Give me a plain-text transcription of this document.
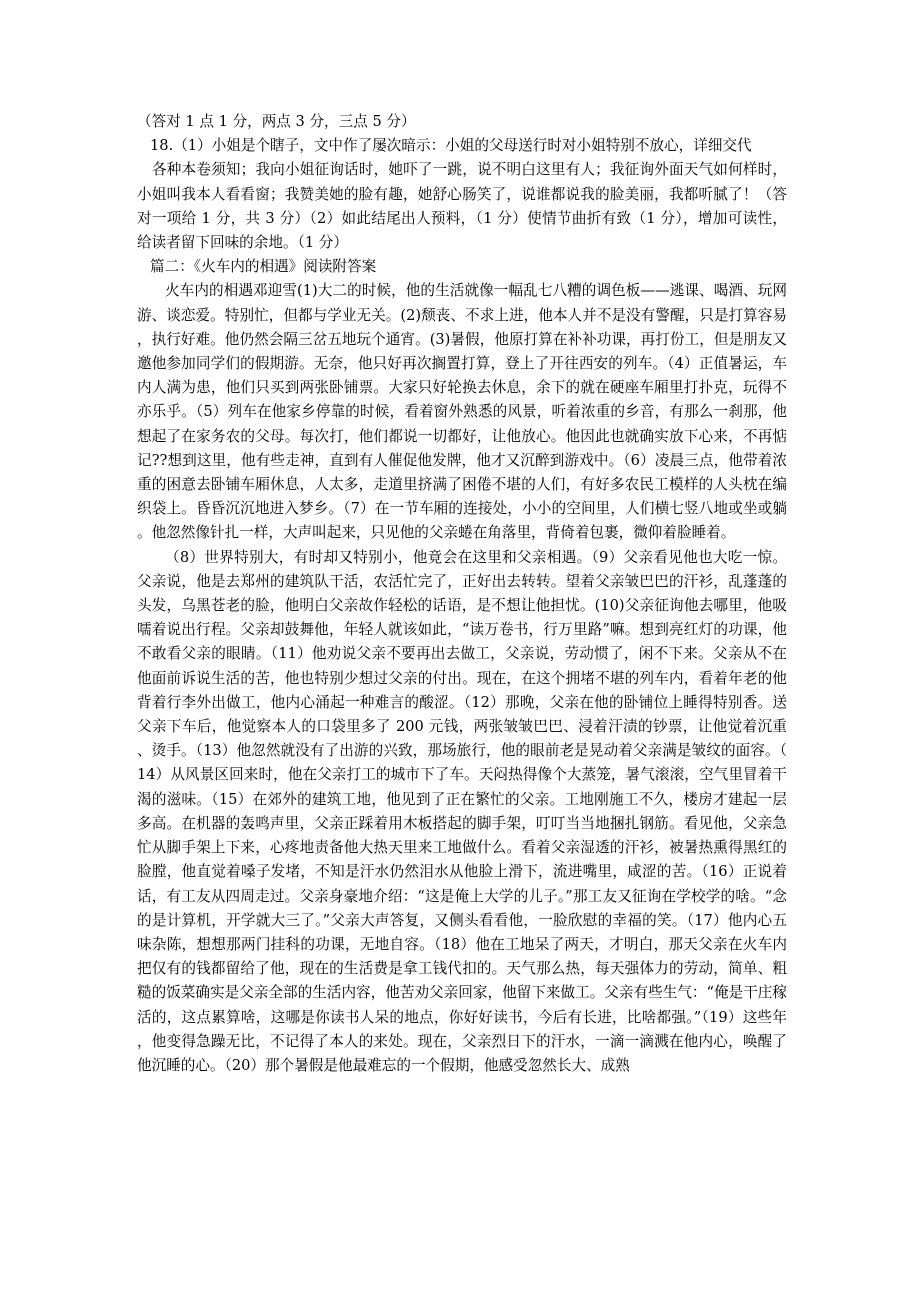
（答对 1 点 1 分，两点 3 分，三点 5 分）

18.（1）小姐是个瞎子，文中作了屡次暗示：小姐的父母送行时对小姐特别不放心，详细交代

各种本卷须知；我向小姐征询话时，她吓了一跳，说不明白这里有人；我征询外面天气如何样时，小姐叫我本人看看窗；我赞美她的脸有趣，她舒心肠笑了，说谁都说我的脸美丽，我都听腻了！（答对一项给 1 分，共 3 分）（2）如此结尾出人预料，（1 分）使情节曲折有致（1 分），增加可读性，给读者留下回味的余地。（1 分）

篇二：《火车内的相遇》阅读附答案

火车内的相遇邓迎雪(1)大二的时候，他的生活就像一幅乱七八糟的调色板——逃课、喝酒、玩网游、谈恋爱。特别忙，但都与学业无关。(2)颓丧、不求上进，他本人并不是没有警醒，只是打算容易，执行好难。他仍然会隔三岔五地玩个通宵。(3)暑假，他原打算在补补功课，再打份工，但是朋友又邀他参加同学们的假期游。无奈，他只好再次搁置打算，登上了开往西安的列车。（4）正值暑运，车内人满为患，他们只买到两张卧铺票。大家只好轮换去休息，余下的就在硬座车厢里打扑克，玩得不亦乐乎。（5）列车在他家乡停靠的时候，看着窗外熟悉的风景，听着浓重的乡音，有那么一刹那，他想起了在家务农的父母。每次打，他们都说一切都好，让他放心。他因此也就确实放下心来，不再惦记??想到这里，他有些走神，直到有人催促他发牌，他才又沉醉到游戏中。（6）凌晨三点，他带着浓重的困意去卧铺车厢休息，人太多，走道里挤满了困倦不堪的人们，有好多农民工模样的人头枕在编织袋上。昏昏沉沉地进入梦乡。（7）在一节车厢的连接处，小小的空间里，人们横七竖八地或坐或躺。他忽然像针扎一样，大声叫起来，只见他的父亲蜷在角落里，背倚着包裹，微仰着脸睡着。

（8）世界特别大，有时却又特别小，他竟会在这里和父亲相遇。（9）父亲看见他也大吃一惊。父亲说，他是去郑州的建筑队干活，农活忙完了，正好出去转转。望着父亲皱巴巴的汗衫，乱蓬蓬的头发，乌黑苍老的脸，他明白父亲故作轻松的话语，是不想让他担忧。(10)父亲征询他去哪里，他吸嚅着说出行程。父亲却鼓舞他，年轻人就该如此，“读万卷书，行万里路”嘛。想到亮红灯的功课，他不敢看父亲的眼睛。（11）他劝说父亲不要再出去做工，父亲说，劳动惯了，闲不下来。父亲从不在他面前诉说生活的苦，他也特别少想过父亲的付出。现在，在这个拥堵不堪的列车内，看着年老的他背着行李外出做工，他内心涌起一种难言的酸涩。（12）那晚，父亲在他的卧铺位上睡得特别香。送父亲下车后，他觉察本人的口袋里多了 200 元钱，两张皱皱巴巴、浸着汗渍的钞票，让他觉着沉重、烫手。（13）他忽然就没有了出游的兴致，那场旅行，他的眼前老是晃动着父亲满是皱纹的面容。（14）从风景区回来时，他在父亲打工的城市下了车。天闷热得像个大蒸笼，暑气滚滚，空气里冒着干渴的滋味。（15）在郊外的建筑工地，他见到了正在繁忙的父亲。工地刚施工不久，楼房才建起一层多高。在机器的轰鸣声里，父亲正踩着用木板搭起的脚手架，叮叮当当地捆扎钢筋。看见他，父亲急忙从脚手架上下来，心疼地责备他大热天里来工地做什么。看着父亲湿透的汗衫，被暑热熏得黑红的脸膛，他直觉着嗓子发堵，不知是汗水仍然泪水从他脸上滑下，流进嘴里，咸涩的苦。（16）正说着话，有工友从四周走过。父亲身豪地介绍：“这是俺上大学的儿子。”那工友又征询在学校学的啥。“念的是计算机，开学就大三了。”父亲大声答复，又侧头看看他，一脸欣慰的幸福的笑。（17）他内心五味杂陈，想想那两门挂科的功课，无地自容。（18）他在工地呆了两天，才明白，那天父亲在火车内把仅有的钱都留给了他，现在的生活费是拿工钱代扣的。天气那么热，每天强体力的劳动，简单、粗糙的饭菜确实是父亲全部的生活内容，他苦劝父亲回家，他留下来做工。父亲有些生气：“俺是干庄稼活的，这点累算啥，这哪是你读书人呆的地点，你好好读书，今后有长进，比啥都强。”（19）这些年，他变得急躁无比，不记得了本人的来处。现在，父亲烈日下的汗水，一滴一滴溅在他内心，唤醒了他沉睡的心。（20）那个暑假是他最难忘的一个假期，他感受忽然长大、成熟
